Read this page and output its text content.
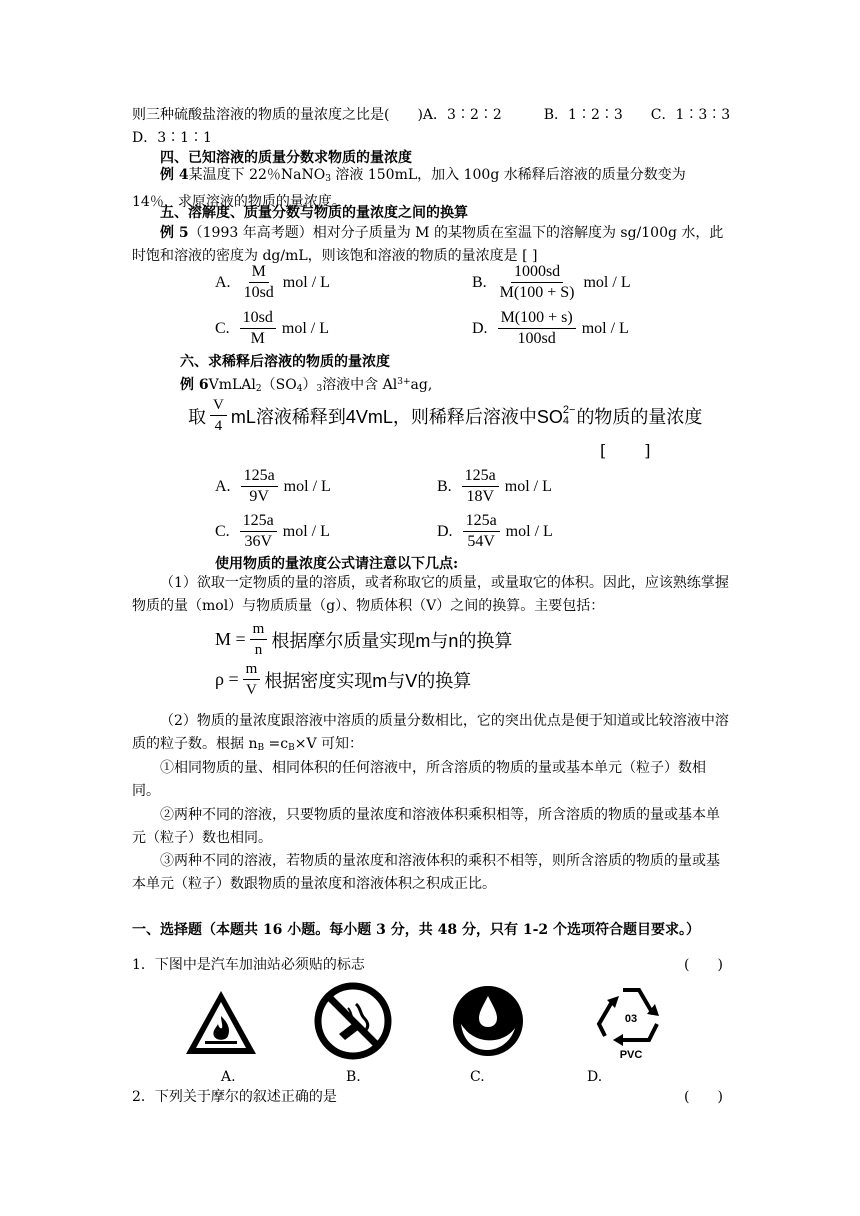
则三种硫酸盐溶液的物质的量浓度之比是(　　)A．3∶2∶2　　　B．1∶2∶3　　C．1∶3∶3　　D．3∶1∶1
四、已知溶液的质量分数求物质的量浓度
例 4某温度下 22％NaNO$_3$ 溶液 150mL，加入 100g 水稀释后溶液的质量分数变为 14％，求原溶液的物质的量浓度。
五、溶解度、质量分数与物质的量浓度之间的换算
例 5（1993 年高考题）相对分子质量为 M 的某物质在室温下的溶解度为 sg/100g 水，此时饱和溶液的密度为 dg/mL，则该饱和溶液的物质的量浓度是 [ ]
A. $\frac{M}{10sd}$ mol / L	B. $\frac{1000sd}{M(100 + S)}$ mol / L
C. $\frac{10sd}{M}$ mol / L	D. $\frac{M(100 + s)}{100sd}$ mol / L
六、求稀释后溶液的物质的量浓度
例 $6VmLAl_2(SO_4)_3$溶液中含 $Al^{3+}ag$,
取 $\frac{V}{4}$ mL溶液稀释到4VmL，则稀释后溶液中SO 2−
4 的物质的量浓度
[　　]
A. $\frac{125a}{9V}$ mol / L	B. $\frac{125a}{18V}$ mol / L
C. $\frac{125a}{36V}$ mol / L	D. $\frac{125a}{54V}$ mol / L
使用物质的量浓度公式请注意以下几点:
（1）欲取一定物质的量的溶质，或者称取它的质量，或量取它的体积。因此，应该熟练掌握物质的量（mol）与物质质量（g）、物质体积（V）之间的换算。主要包括：
$M = \frac{m}{n}$ 根据摩尔质量实现m与n的换算
$\rho = \frac{m}{V}$ 根据密度实现m与V的换算
（2）物质的量浓度跟溶液中溶质的质量分数相比，它的突出优点是便于知道或比较溶液中溶质的粒子数。根据 $n_B =c_B\times V$ 可知：
①相同物质的量、相同体积的任何溶液中，所含溶质的物质的量或基本单元（粒子）数相同。
②两种不同的溶液，只要物质的量浓度和溶液体积乘积相等，所含溶质的物质的量或基本单元（粒子）数也相同。
③两种不同的溶液，若物质的量浓度和溶液体积的乘积不相等，则所含溶质的物质的量或基本单元（粒子）数跟物质的量浓度和溶液体积之积成正比。
一、选择题（本题共 16 小题。每小题 3 分，共 48 分，只有 1-2 个选项符合题目要求。）
1．下图中是汽车加油站必须贴的标志	(　　)
03
PVC
A.	B.	C.	D.
2．下列关于摩尔的叙述正确的是	(　　)
